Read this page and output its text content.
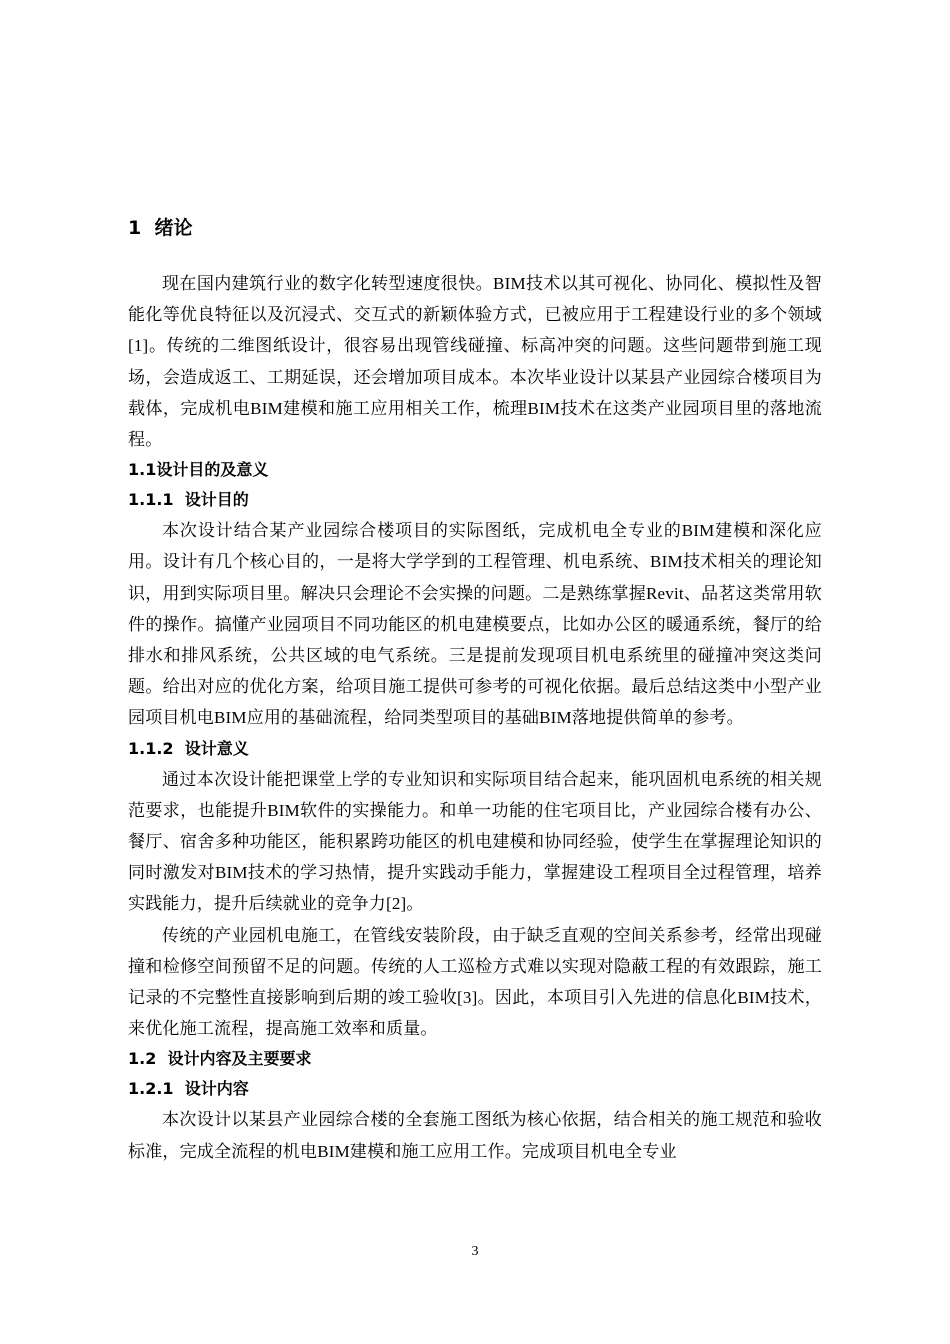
1  绪论

现在国内建筑行业的数字化转型速度很快。BIM技术以其可视化、协同化、模拟性及智能化等优良特征以及沉浸式、交互式的新颖体验方式，已被应用于工程建设行业的多个领域[1]。传统的二维图纸设计，很容易出现管线碰撞、标高冲突的问题。这些问题带到施工现场，会造成返工、工期延误，还会增加项目成本。本次毕业设计以某县产业园综合楼项目为载体，完成机电BIM建模和施工应用相关工作，梳理BIM技术在这类产业园项目里的落地流程。

1.1设计目的及意义
1.1.1  设计目的

本次设计结合某产业园综合楼项目的实际图纸，完成机电全专业的BIM建模和深化应用。设计有几个核心目的，一是将大学学到的工程管理、机电系统、BIM技术相关的理论知识，用到实际项目里。解决只会理论不会实操的问题。二是熟练掌握Revit、品茗这类常用软件的操作。搞懂产业园项目不同功能区的机电建模要点，比如办公区的暖通系统，餐厅的给排水和排风系统，公共区域的电气系统。三是提前发现项目机电系统里的碰撞冲突这类问题。给出对应的优化方案，给项目施工提供可参考的可视化依据。最后总结这类中小型产业园项目机电BIM应用的基础流程，给同类型项目的基础BIM落地提供简单的参考。

1.1.2  设计意义

通过本次设计能把课堂上学的专业知识和实际项目结合起来，能巩固机电系统的相关规范要求，也能提升BIM软件的实操能力。和单一功能的住宅项目比，产业园综合楼有办公、餐厅、宿舍多种功能区，能积累跨功能区的机电建模和协同经验，使学生在掌握理论知识的同时激发对BIM技术的学习热情，提升实践动手能力，掌握建设工程项目全过程管理，培养实践能力，提升后续就业的竞争力[2]。

传统的产业园机电施工，在管线安装阶段，由于缺乏直观的空间关系参考，经常出现碰撞和检修空间预留不足的问题。传统的人工巡检方式难以实现对隐蔽工程的有效跟踪，施工记录的不完整性直接影响到后期的竣工验收[3]。因此，本项目引入先进的信息化BIM技术，来优化施工流程，提高施工效率和质量。

1.2  设计内容及主要要求
1.2.1  设计内容

本次设计以某县产业园综合楼的全套施工图纸为核心依据，结合相关的施工规范和验收标准，完成全流程的机电BIM建模和施工应用工作。完成项目机电全专业

3
